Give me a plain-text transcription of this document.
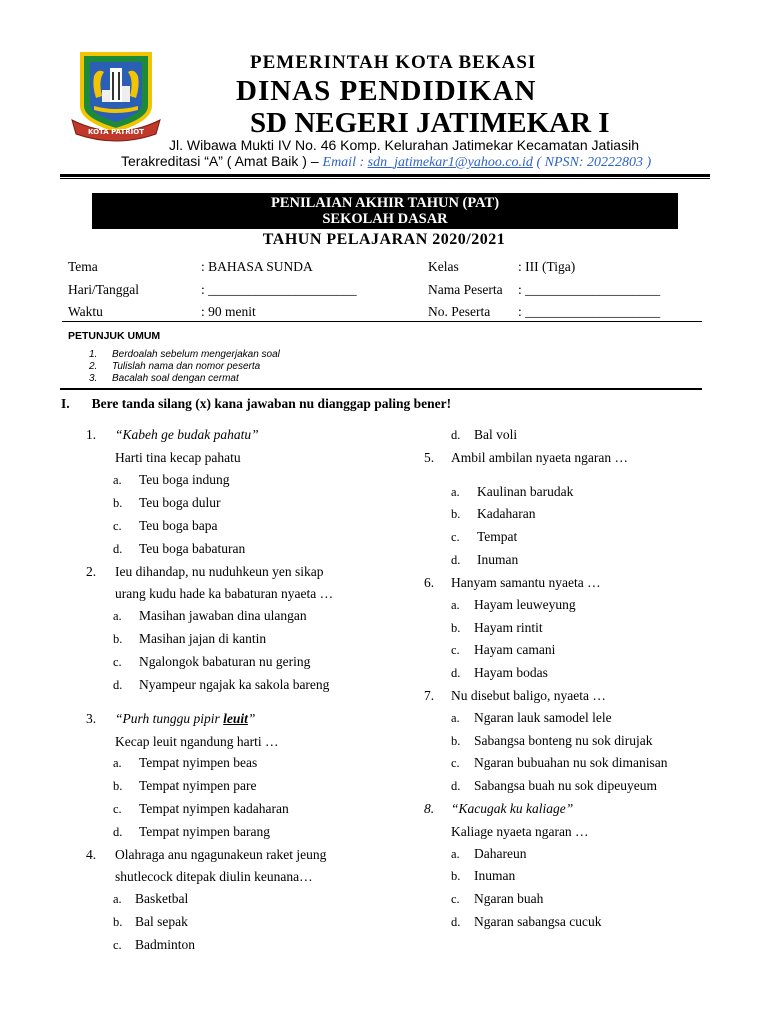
KOTA PATRIOT
PEMERINTAH KOTA BEKASI
DINAS PENDIDIKAN
SD NEGERI JATIMEKAR I
Jl. Wibawa Mukti IV No. 46 Komp. Kelurahan Jatimekar Kecamatan Jatiasih
Terakreditasi “A” ( Amat Baik ) – Email : sdn_jatimekar1@yahoo.co.id ( NPSN: 20222803 )
PENILAIAN AKHIR TAHUN (PAT)
SEKOLAH DASAR
TAHUN PELAJARAN 2020/2021
Tema	: BAHASA SUNDA	Kelas	: III (Tiga)
Hari/Tanggal	: ______________________	Nama Peserta : ____________________
Waktu	: 90 menit	No. Peserta : ____________________
PETUNJUK UMUM
1. Berdoalah sebelum mengerjakan soal
2. Tulislah nama dan nomor peserta
3. Bacalah soal dengan cermat
I. Bere tanda silang (x) kana jawaban nu dianggap paling bener!
1. “Kabeh ge budak pahatu”
Harti tina kecap pahatu
a. Teu boga indung
b. Teu boga dulur
c. Teu boga bapa
d. Teu boga babaturan
2. Ieu dihandap, nu nuduhkeun yen sikap
urang kudu hade ka babaturan nyaeta …
a. Masihan jawaban dina ulangan
b. Masihan jajan di kantin
c. Ngalongok babaturan nu gering
d. Nyampeur ngajak ka sakola bareng
3. “Purh tunggu pipir leuit”
Kecap leuit ngandung harti …
a. Tempat nyimpen beas
b. Tempat nyimpen pare
c. Tempat nyimpen kadaharan
d. Tempat nyimpen barang
4. Olahraga anu ngagunakeun raket jeung
shutlecock ditepak diulin keunana…
a. Basketbal
b. Bal sepak
c. Badminton
d. Bal voli
5. Ambil ambilan nyaeta ngaran …
a. Kaulinan barudak
b. Kadaharan
c. Tempat
d. Inuman
6. Hanyam samantu nyaeta …
a. Hayam leuweyung
b. Hayam rintit
c. Hayam camani
d. Hayam bodas
7. Nu disebut baligo, nyaeta …
a. Ngaran lauk samodel lele
b. Sabangsa bonteng nu sok dirujak
c. Ngaran bubuahan nu sok dimanisan
d. Sabangsa buah nu sok dipeuyeum
8. “Kacugak ku kaliage”
Kaliage nyaeta ngaran …
a. Dahareun
b. Inuman
c. Ngaran buah
d. Ngaran sabangsa cucuk
